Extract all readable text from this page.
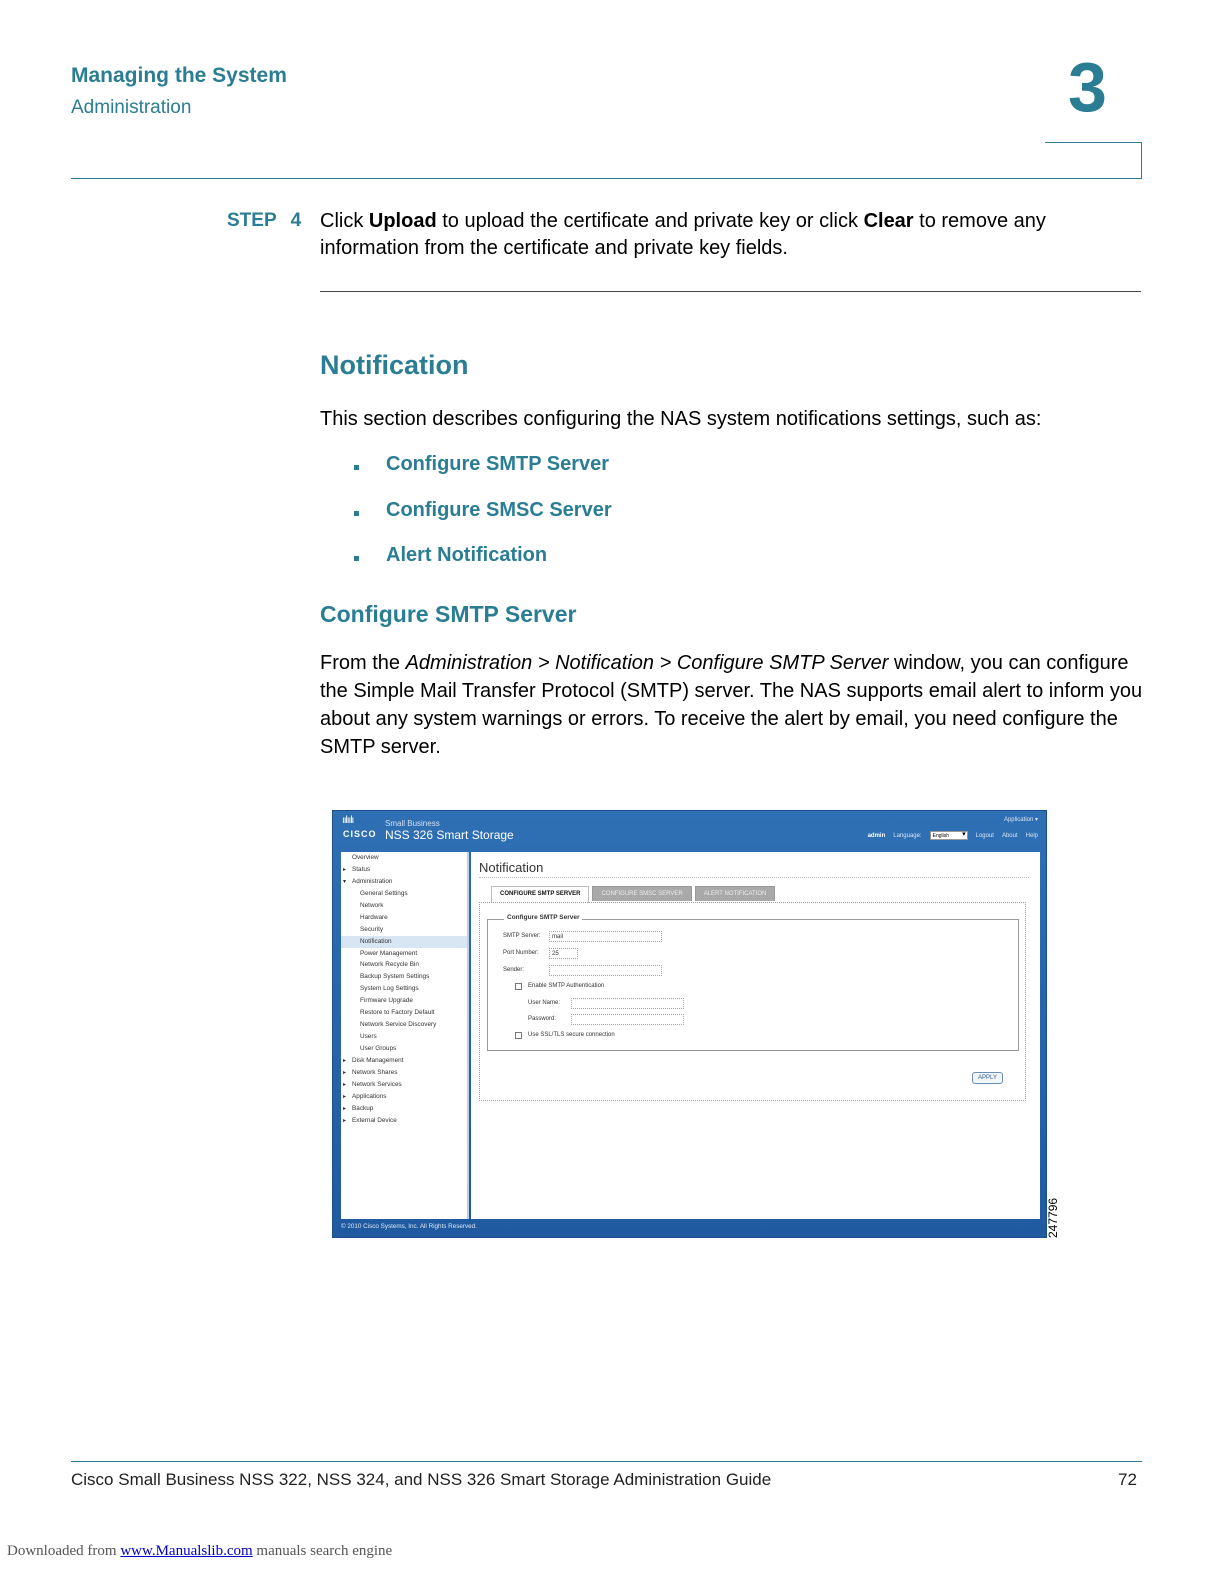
Managing the System
Administration	3
STEP 4 Click Upload to upload the certificate and private key or click Clear to remove any information from the certificate and private key fields.
Notification
This section describes configuring the NAS system notifications settings, such as:
Configure SMTP Server
Configure SMSC Server
Alert Notification
Configure SMTP Server
From the Administration > Notification > Configure SMTP Server window, you can configure the Simple Mail Transfer Protocol (SMTP) server. The NAS supports email alert to inform you about any system warnings or errors. To receive the alert by email, you need configure the SMTP server.
ıılıılı
CISCO
Small Business
NSS 326 Smart Storage
Application ▾
admin Language:	English ▾	Logout About Help
Overview
▸ Status
▾ Administration
General Settings
Network
Hardware
Security
Notification
Power Management
Network Recycle Bin
Backup System Settings
System Log Settings
Firmware Upgrade
Restore to Factory Default
Network Service Discovery
Users
User Groups
▸ Disk Management
▸ Network Shares
▸ Network Services
▸ Applications
▸ Backup
▸ External Device
Notification
CONFIGURE SMTP SERVER	CONFIGURE SMSC SERVER	ALERT NOTIFICATION
Configure SMTP Server
SMTP Server:	mail
Port Number:	25
Sender:
Enable SMTP Authentication
User Name:
Password:
Use SSL/TLS secure connection
APPLY
© 2010 Cisco Systems, Inc. All Rights Reserved.	247796
Cisco Small Business NSS 322, NSS 324, and NSS 326 Smart Storage Administration Guide	72
Downloaded from www.Manualslib.com manuals search engine
